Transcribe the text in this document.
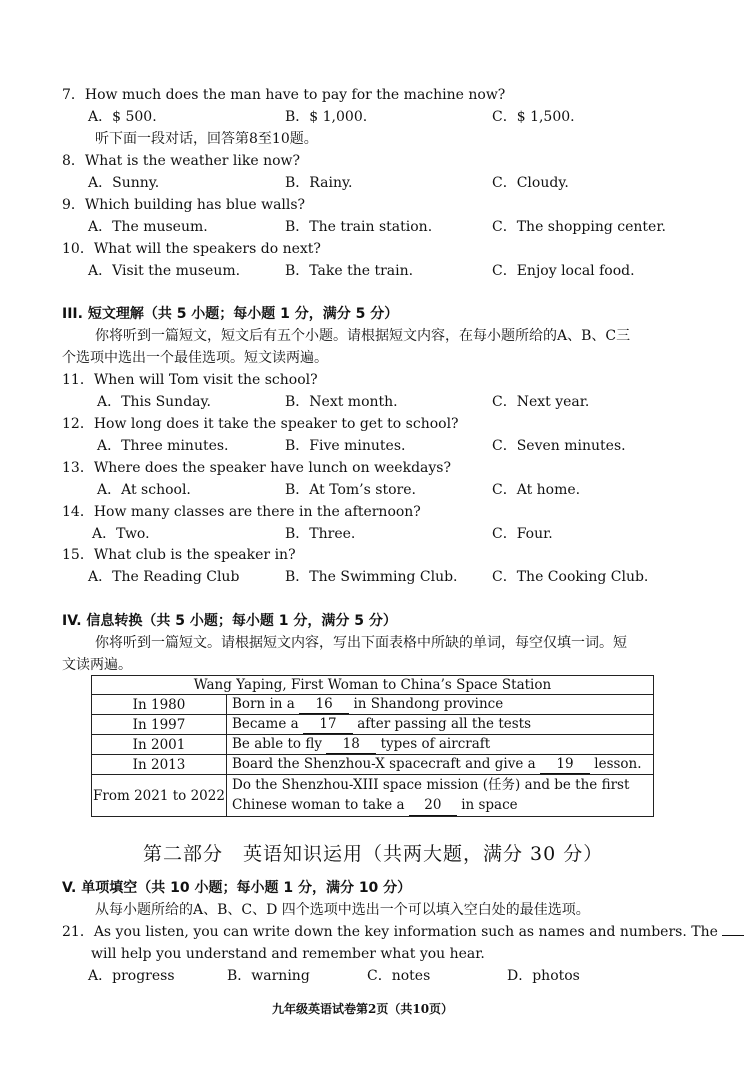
7．How much does the man have to pay for the machine now?
A．$ 500.	B．$ 1,000.	C．$ 1,500.
听下面一段对话，回答第8至10题。
8．What is the weather like now?
A．Sunny.	B．Rainy.	C．Cloudy.
9．Which building has blue walls?
A．The museum.	B．The train station.	C．The shopping center.
10．What will the speakers do next?
A．Visit the museum.	B．Take the train.	C．Enjoy local food.
III. 短文理解（共 5 小题；每小题 1 分，满分 5 分）
你将听到一篇短文，短文后有五个小题。请根据短文内容，在每小题所给的A、B、C三
个选项中选出一个最佳选项。短文读两遍。
11．When will Tom visit the school?
A．This Sunday.	B．Next month.	C．Next year.
12．How long does it take the speaker to get to school?
A．Three minutes.	B．Five minutes.	C．Seven minutes.
13．Where does the speaker have lunch on weekdays?
A．At school.	B．At Tom’s store.	C．At home.
14．How many classes are there in the afternoon?
A．Two.	B．Three.	C．Four.
15．What club is the speaker in?
A．The Reading Club	B．The Swimming Club. C．The Cooking Club.
IV. 信息转换（共 5 小题；每小题 1 分，满分 5 分）
你将听到一篇短文。请根据短文内容，写出下面表格中所缺的单词，每空仅填一词。短
文读两遍。
Wang Yaping, First Woman to China’s Space Station	
In 1980	Born in a 16 in Shandong province
In 1997	Became a 17 after passing all the tests
In 2001	Be able to fly 18 types of aircraft
In 2013	Board the Shenzhou-X spacecraft and give a 19 lesson.
From 2021 to 2022	Do the Shenzhou-XIII space mission (任务) and be the first
Chinese woman to take a 20 in space
第二部分　英语知识运用（共两大题，满分 30 分）
V. 单项填空（共 10 小题；每小题 1 分，满分 10 分）
从每小题所给的A、B、C、D 四个选项中选出一个可以填入空白处的最佳选项。
21．As you listen, you can write down the key information such as names and numbers. The
will help you understand and remember what you hear.
A．progress	B．warning	C．notes	D．photos
九年级英语试卷第2页（共10页）
